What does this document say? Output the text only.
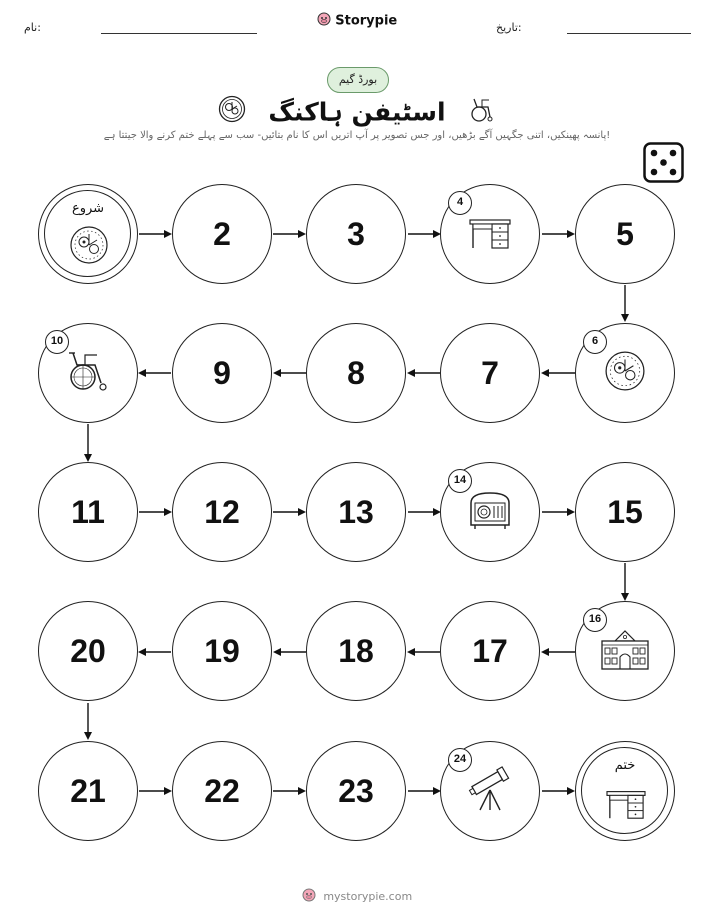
نام:	Storypie	تاریخ:
بورڈ گیم
اسٹیفن ہاکنگ
پانسہ پھینکیں، اتنی جگہیں آگے بڑھیں، اور جس تصویر پر آپ اتریں اس کا نام بتائیں- سب سے پہلے ختم کرنے والا جیتتا ہے!
شروع
2	3	5
4
9	8	7
10	6
11	12	13	15
14
20	19	18	17
16
21	22	23
ختم
24
mystorypie.com
